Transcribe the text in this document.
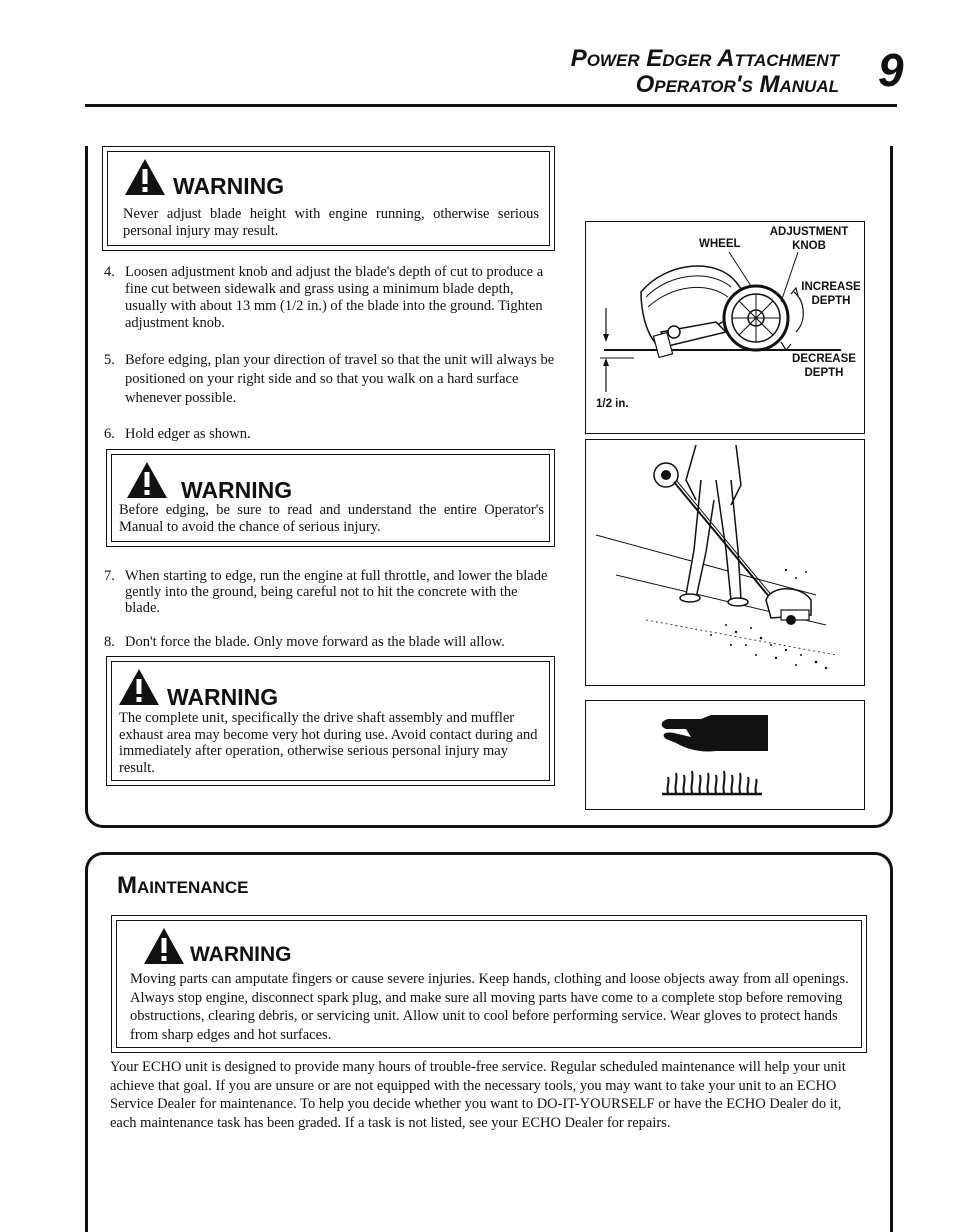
Power Edger Attachment
Operator's Manual 9
WARNING
Never adjust blade height with engine running, otherwise serious personal injury may result.
4. Loosen adjustment knob and adjust the blade's depth of cut to produce a fine cut between sidewalk and grass using a minimum blade depth, usually with about 13 mm (1/2 in.) of the blade into the ground. Tighten adjustment knob.
5. Before edging, plan your direction of travel so that the unit will always be positioned on your right side and so that you walk on a hard surface whenever possible.
6. Hold edger as shown.
WARNING
Before edging, be sure to read and understand the entire Operator's Manual to avoid the chance of serious injury.
7. When starting to edge, run the engine at full throttle, and lower the blade gently into the ground, being careful not to hit the concrete with the blade.
8. Don't force the blade. Only move forward as the blade will allow.
WARNING
The complete unit, specifically the drive shaft assembly and muffler exhaust area may become very hot during use. Avoid contact during and immediately after operation, otherwise serious personal injury may result.
WHEEL
ADJUSTMENT KNOB
INCREASE DEPTH
DECREASE DEPTH
1/2 in.
Maintenance
WARNING
Moving parts can amputate fingers or cause severe injuries. Keep hands, clothing and loose objects away from all openings. Always stop engine, disconnect spark plug, and make sure all moving parts have come to a complete stop before removing obstructions, clearing debris, or servicing unit. Allow unit to cool before performing service. Wear gloves to protect hands from sharp edges and hot surfaces.
Your ECHO unit is designed to provide many hours of trouble-free service. Regular scheduled maintenance will help your unit achieve that goal. If you are unsure or are not equipped with the necessary tools, you may want to take your unit to an ECHO Service Dealer for maintenance. To help you decide whether you want to DO-IT-YOURSELF or have the ECHO Dealer do it, each maintenance task has been graded. If a task is not listed, see your ECHO Dealer for repairs.
